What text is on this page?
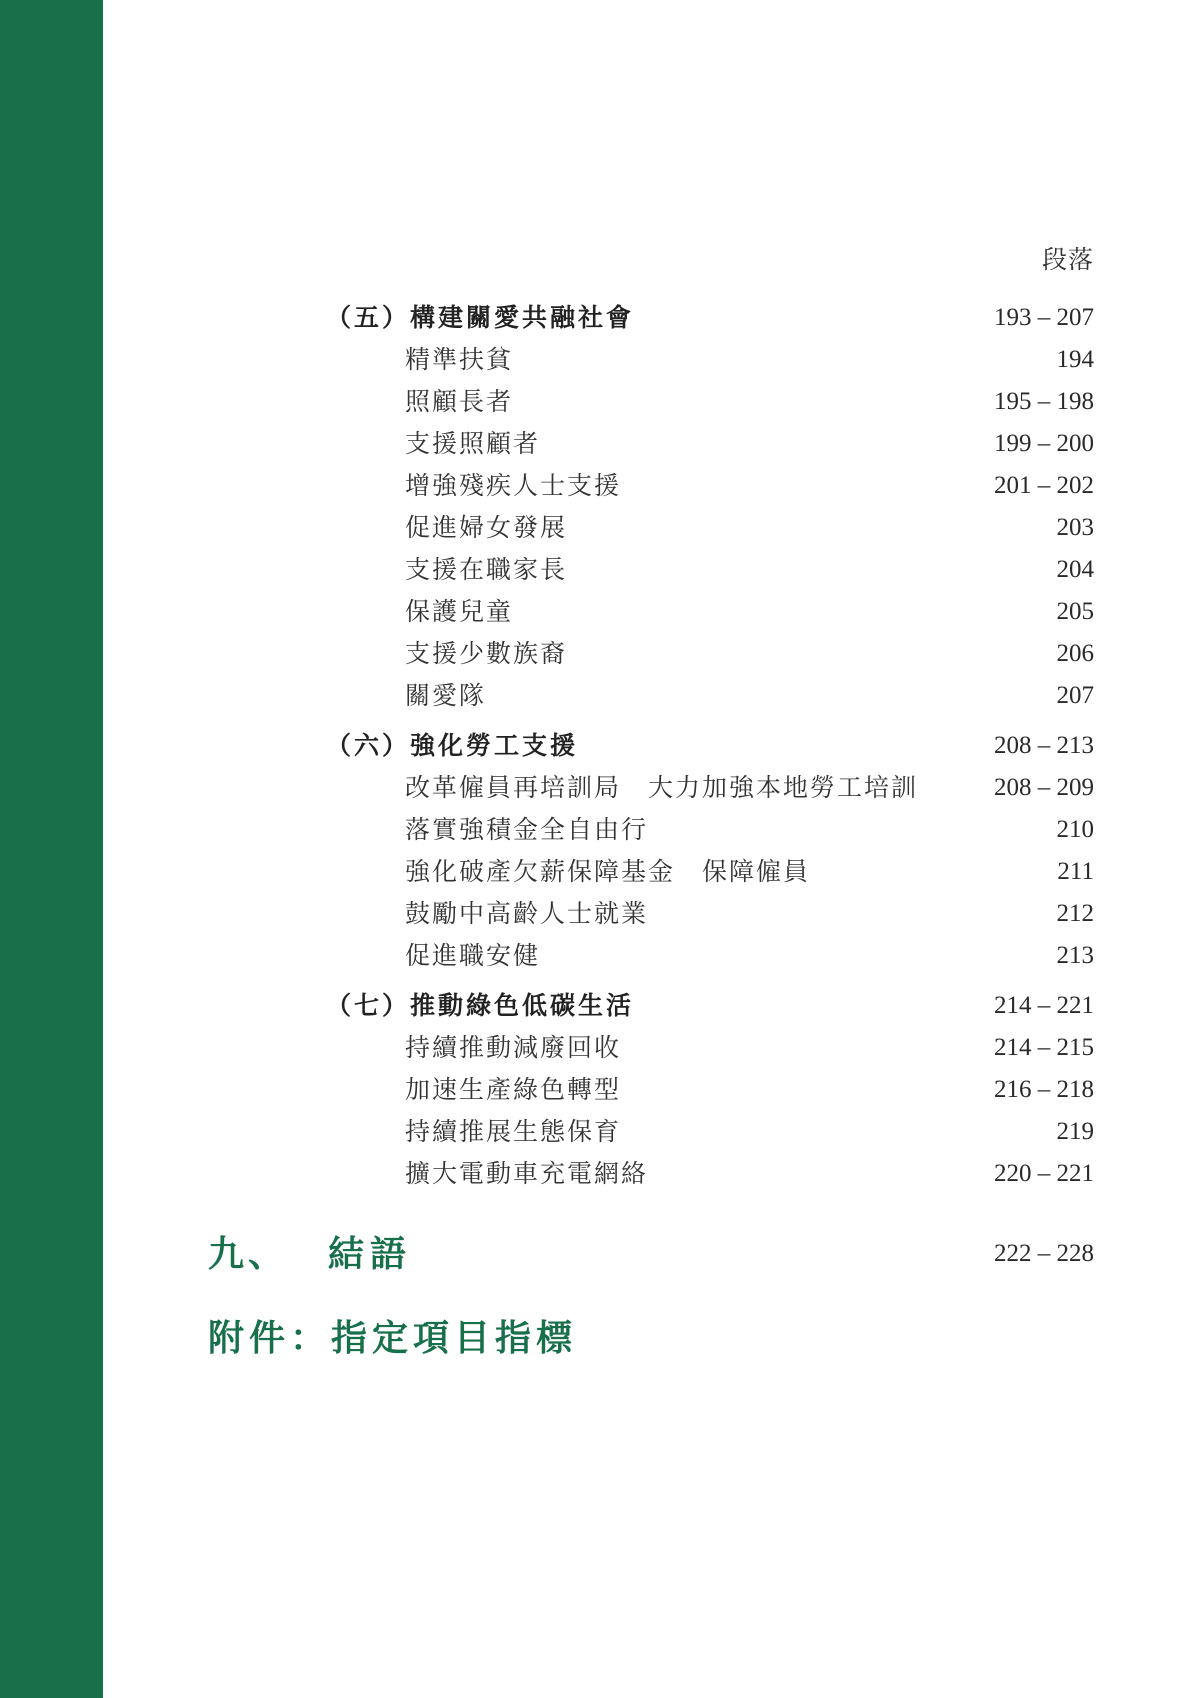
段落
（五）構建關愛共融社會	193 – 207
精準扶貧	194
照顧長者	195 – 198
支援照顧者	199 – 200
增強殘疾人士支援	201 – 202
促進婦女發展	203
支援在職家長	204
保護兒童	205
支援少數族裔	206
關愛隊	207
（六）強化勞工支援	208 – 213
改革僱員再培訓局　大力加強本地勞工培訓	208 – 209
落實強積金全自由行	210
強化破產欠薪保障基金　保障僱員	211
鼓勵中高齡人士就業	212
促進職安健	213
（七）推動綠色低碳生活	214 – 221
持續推動減廢回收	214 – 215
加速生產綠色轉型	216 – 218
持續推展生態保育	219
擴大電動車充電網絡	220 – 221
九、 結語	222 – 228
附件：指定項目指標
